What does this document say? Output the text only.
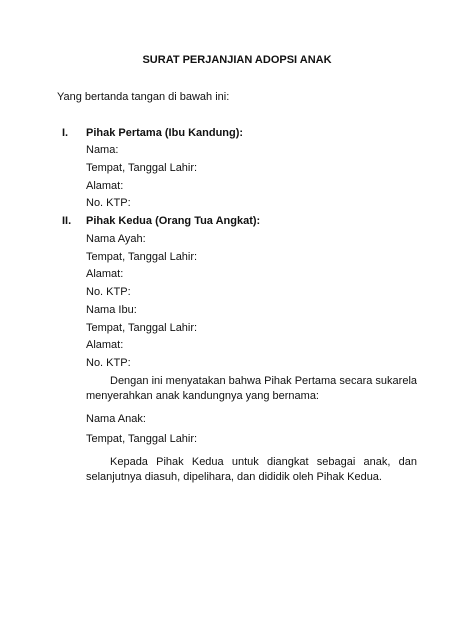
SURAT PERJANJIAN ADOPSI ANAK
Yang bertanda tangan di bawah ini:
I. Pihak Pertama (Ibu Kandung):
Nama:
Tempat, Tanggal Lahir:
Alamat:
No. KTP:
II. Pihak Kedua (Orang Tua Angkat):
Nama Ayah:
Tempat, Tanggal Lahir:
Alamat:
No. KTP:
Nama Ibu:
Tempat, Tanggal Lahir:
Alamat:
No. KTP:
Dengan ini menyatakan bahwa Pihak Pertama secara sukarela menyerahkan anak kandungnya yang bernama:
Nama Anak:
Tempat, Tanggal Lahir:
Kepada Pihak Kedua untuk diangkat sebagai anak, dan selanjutnya diasuh, dipelihara, dan dididik oleh Pihak Kedua.
